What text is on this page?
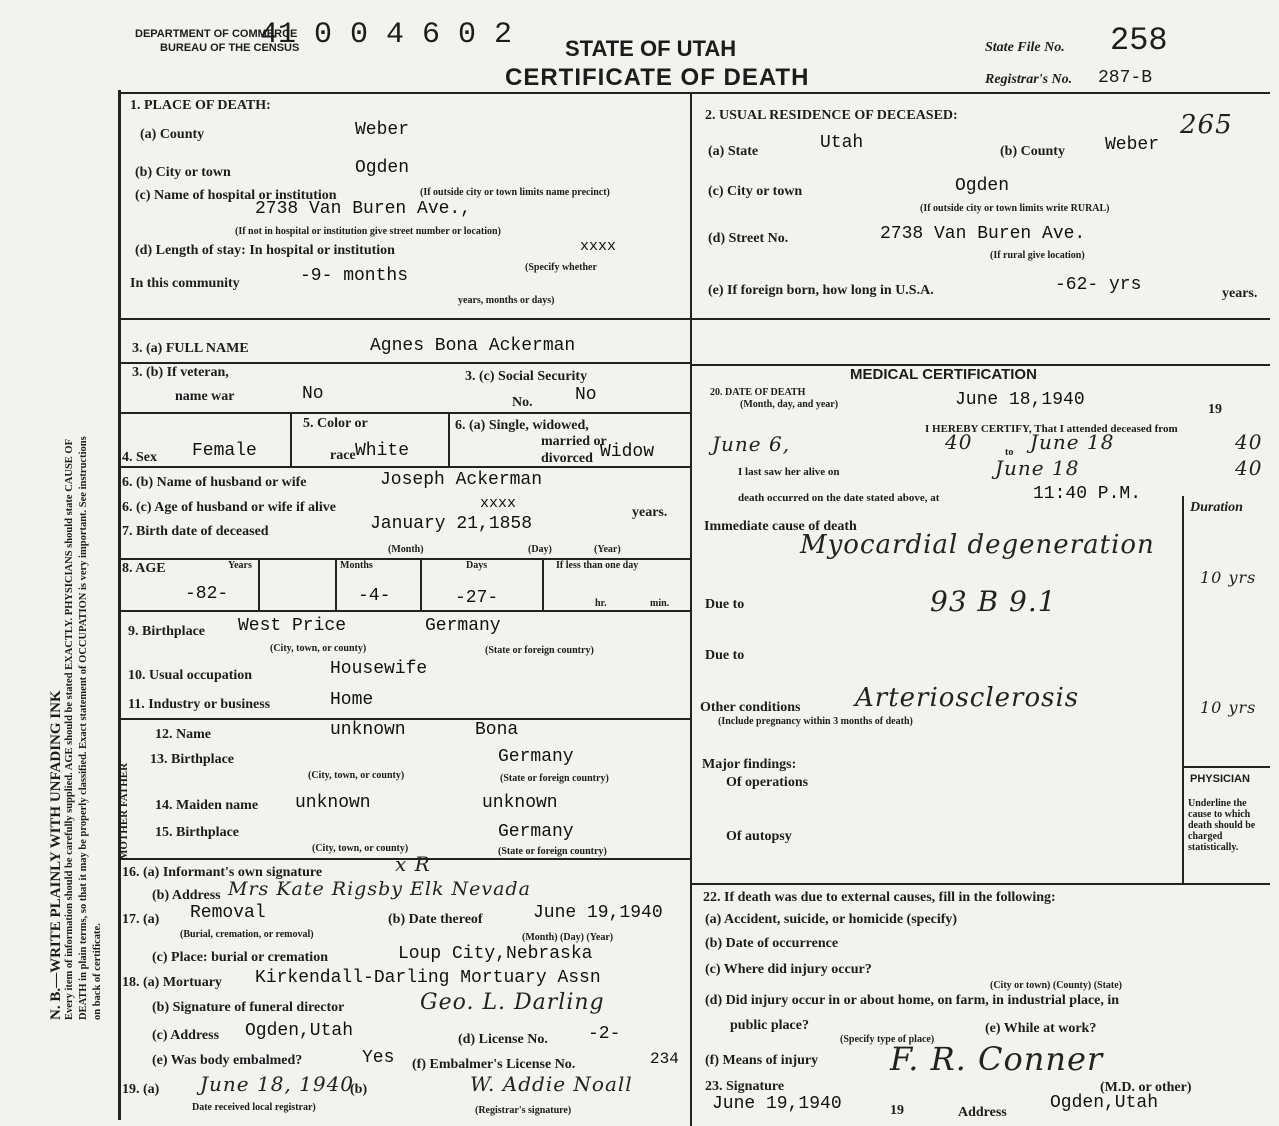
N. B.—WRITE PLAINLY WITH UNFADING INK Every item of information should be carefully supplied. AGE should be stated EXACTLY. PHYSICIANS should state CAUSE OF DEATH in plain terms, so that it may be properly classified. Exact statement of OCCUPATION is very important. See instructions on back of certificate.
MOTHER FATHER
DEPARTMENT OF COMMERCE
BUREAU OF THE CENSUS
41 0 0 4 6 0 2 STATE OF UTAH
CERTIFICATE OF DEATH
State File No. 258
Registrar's No. 287-B
1. PLACE OF DEATH:
(a) County	Weber
(b) City or town	Ogden
(c) Name of hospital or institution	(If outside city or town limits name precinct)
2738 Van Buren Ave.,
(If not in hospital or institution give street number or location)
(d) Length of stay: In hospital or institution	xxxx
In this community	-9- months	(Specify whether
years, months or days)
2. USUAL RESIDENCE OF DECEASED:
(a) State	Utah	(b) County Weber
265
(c) City or town	Ogden
(If outside city or town limits write RURAL)
(d) Street No.	2738 Van Buren Ave.
(If rural give location)
(e) If foreign born, how long in U.S.A.	-62- yrs	years.
3. (a) FULL NAME	Agnes Bona Ackerman
3. (b) If veteran,
name war	No
3. (c) Social Security
No. No
4. Sex Female
5. Color or
race White
6. (a) Single, widowed,
married or
divorced Widow
6. (b) Name of husband or wife	Joseph Ackerman
6. (c) Age of husband or wife if alive	xxxx
years.
7. Birth date of deceased	January 21,1858
(Month)	(Day)	(Year)
8. AGE	Years	Months	Days	If less than one day
-82-	-4-	-27-	hr.	min.
9. Birthplace West Price	Germany
(City, town, or county)	(State or foreign country)
10. Usual occupation	Housewife
11. Industry or business	Home
12. Name	unknown	Bona
13. Birthplace	Germany
(City, town, or county)	(State or foreign country)
14. Maiden name unknown	unknown
15. Birthplace	Germany
(City, town, or county)	(State or foreign country)
16. (a) Informant's own signature	x R
(b) Address Mrs Kate Rigsby Elk Nevada
17. (a) Removal
(Burial, cremation, or removal)
(b) Date thereof	June 19,1940
(Month) (Day) (Year)
(c) Place: burial or cremation	Loup City,Nebraska
18. (a) Mortuary Kirkendall-Darling Mortuary Assn
(b) Signature of funeral director	Geo. L. Darling
(c) Address Ogden,Utah	(d) License No. -2-
(e) Was body embalmed?	Yes (f) Embalmer's License No.	234
19. (a) June 18, 1940
(b)	W. Addie Noall
Date received local registrar)	(Registrar's signature)
MEDICAL CERTIFICATION
20. DATE OF DEATH
(Month, day, and year)	June 18,1940	19
I HEREBY CERTIFY, That I attended deceased from
June 6,	40	to June 18	40
I last saw her alive on	June 18	40
death occurred on the date stated above, at	11:40 P.M.
Duration
Immediate cause of death
Myocardial degeneration
10 yrs
Due to	93 B 9.1
Due to
Other conditions
(Include pregnancy within 3 months of death)
Arteriosclerosis	10 yrs
Major findings:
Of operations
Of autopsy
PHYSICIAN
Underline the cause to which death should be charged statistically.
22. If death was due to external causes, fill in the following:
(a) Accident, suicide, or homicide (specify)
(b) Date of occurrence
(c) Where did injury occur?
(City or town) (County) (State)
(d) Did injury occur in or about home, on farm, in industrial place, in
public place?
(Specify type of place)
(e) While at work?
(f) Means of injury
23. Signature
F. R. Conner
(M.D. or other)
June 19,1940	19	Address Ogden,Utah
